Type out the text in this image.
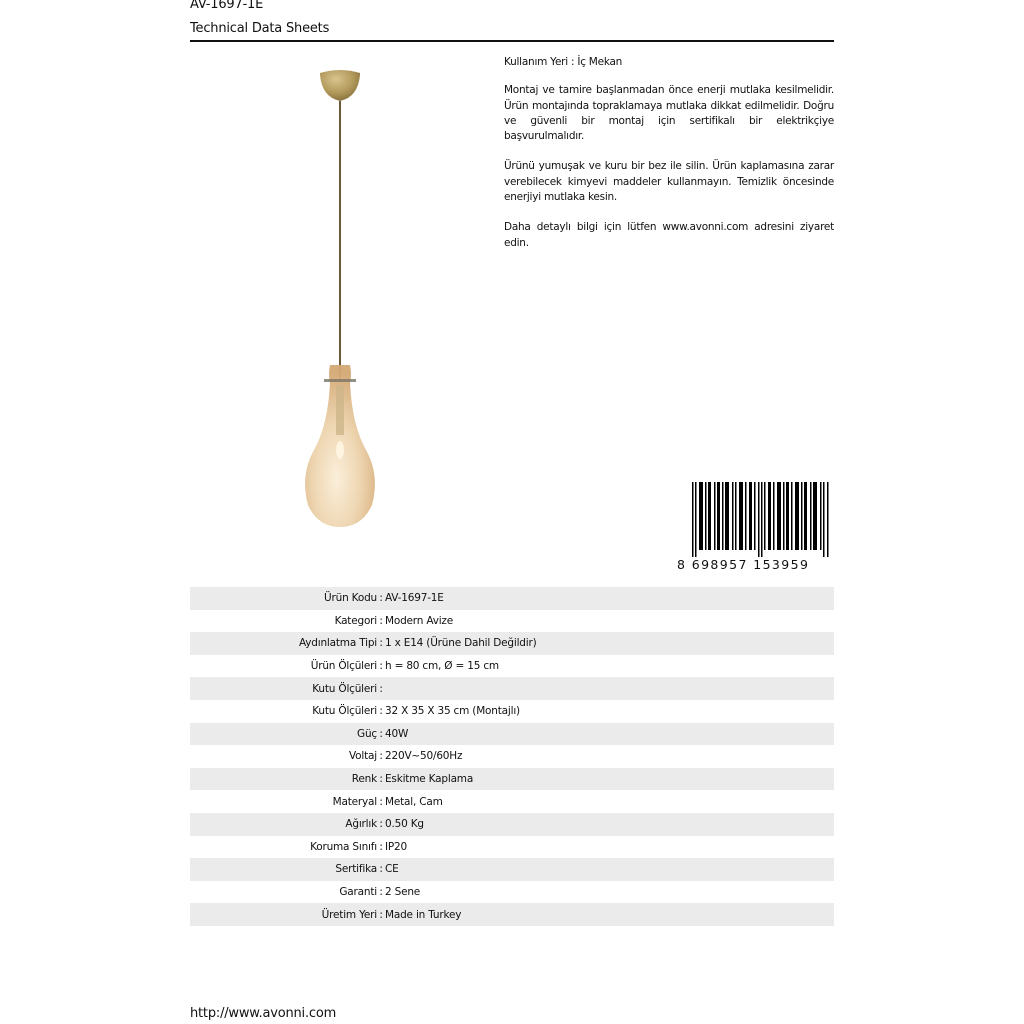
AV-1697-1E
Technical Data Sheets

Kullanım Yeri : İç Mekan

Montaj ve tamire başlanmadan önce enerji mutlaka kesilmelidir. Ürün montajında topraklamaya mutlaka dikkat edilmelidir. Doğru ve güvenli bir montaj için sertifikalı bir elektrikçiye başvurulmalıdır.

Ürünü yumuşak ve kuru bir bez ile silin. Ürün kaplamasına zarar verebilecek kimyevi maddeler kullanmayın. Temizlik öncesinde enerjiyi mutlaka kesin.

Daha detaylı bilgi için lütfen www.avonni.com adresini ziyaret edin.

8 698957 153959
Ürün Kodu : AV-1697-1E
Kategori : Modern Avize
Aydınlatma Tipi : 1 x E14 (Ürüne Dahil Değildir)
Ürün Ölçüleri : h = 80 cm, Ø = 15 cm
Kutu Ölçüleri :
Kutu Ölçüleri : 32 X 35 X 35 cm (Montajlı)
Güç : 40W
Voltaj : 220V~50/60Hz
Renk : Eskitme Kaplama
Materyal : Metal, Cam
Ağırlık : 0.50 Kg
Koruma Sınıfı : IP20
Sertifika : CE
Garanti : 2 Sene
Üretim Yeri : Made in Turkey
http://www.avonni.com
